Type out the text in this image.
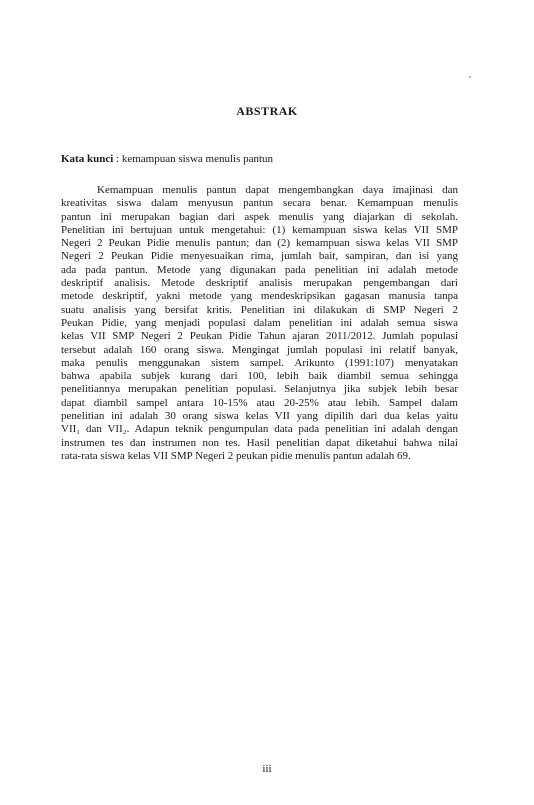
ABSTRAK
Kata kunci : kemampuan siswa menulis pantun
Kemampuan menulis pantun dapat mengembangkan daya imajinasi dan
kreativitas siswa dalam menyusun pantun secara benar. Kemampuan menulis
pantun ini merupakan bagian dari aspek menulis yang diajarkan di sekolah.
Penelitian ini bertujuan untuk mengetahui: (1) kemampuan siswa kelas VII SMP
Negeri 2 Peukan Pidie menulis pantun; dan (2) kemampuan siswa kelas VII SMP
Negeri 2 Peukan Pidie menyesuaikan rima, jumlah bait, sampiran, dan isi yang
ada pada pantun. Metode yang digunakan pada penelitian ini adalah metode
deskriptif analisis. Metode deskriptif analisis merupakan pengembangan dari
metode deskriptif, yakni metode yang mendeskripsikan gagasan manusia tanpa
suatu analisis yang bersifat kritis. Penelitian ini dilakukan di SMP Negeri 2
Peukan Pidie, yang menjadi populasi dalam penelitian ini adalah semua siswa
kelas VII SMP Negeri 2 Peukan Pidie Tahun ajaran 2011/2012. Jumlah populasi
tersebut adalah 160 orang siswa. Mengingat jumlah populasi ini relatif banyak,
maka penulis menggunakan sistem sampel. Arikunto (1991:107) menyatakan
bahwa apabila subjek kurang dari 100, lebih baik diambil semua sehingga
penelitiannya merupakan penelitian populasi. Selanjutnya jika subjek lebih besar
dapat diambil sampel antara 10-15% atau 20-25% atau lebih. Sampel dalam
penelitian ini adalah 30 orang siswa kelas VII yang dipilih dari dua kelas yaitu
VII₁ dan VII₂. Adapun teknik pengumpulan data pada penelitian ini adalah dengan
instrumen tes dan instrumen non tes. Hasil penelitian dapat diketahui bahwa nilai
rata-rata siswa kelas VII SMP Negeri 2 peukan pidie menulis pantun adalah 69.
iii
